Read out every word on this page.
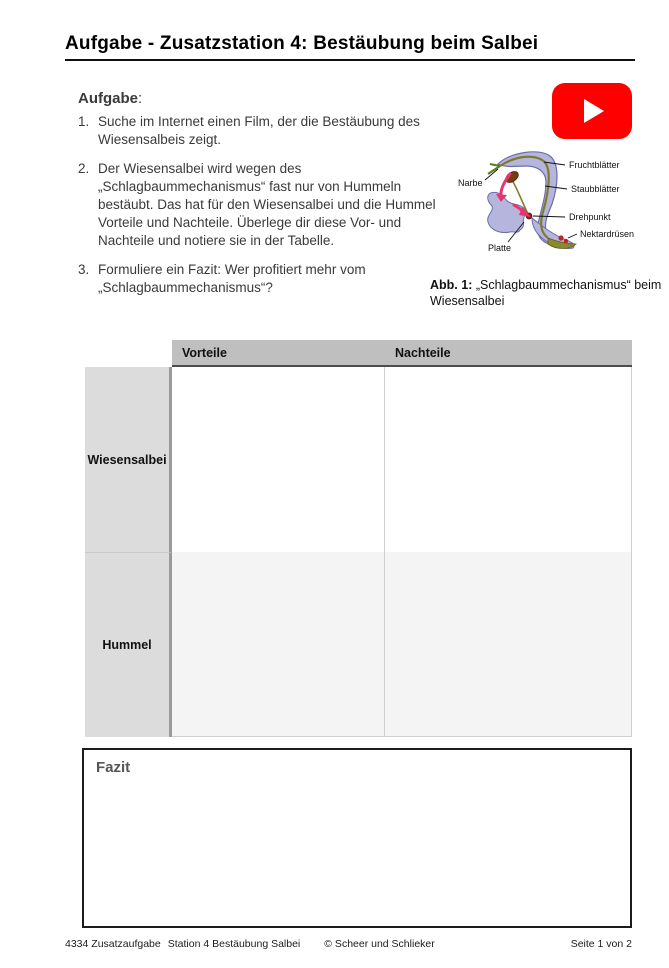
Aufgabe - Zusatzstation 4: Bestäubung beim Salbei
Aufgabe:
1. Suche im Internet einen Film, der die Bestäubung des Wiesensalbeis zeigt.
2. Der Wiesensalbei wird wegen des „Schlagbaummechanismus“ fast nur von Hummeln bestäubt. Das hat für den Wiesensalbei und die Hummel Vorteile und Nachteile. Überlege dir diese Vor- und Nachteile und notiere sie in der Tabelle.
3. Formuliere ein Fazit: Wer profitiert mehr vom „Schlagbaummechanismus“?
Narbe
Fruchtblätter
Staubblätter
Drehpunkt
Nektardrüsen
Platte
Abb. 1: „Schlagbaummechanismus“ beim Wiesensalbei
Vorteile	Nachteile
Wiesensalbei
Hummel
Fazit
4334 Zusatzaufgabe Station 4 Bestäubung Salbei © Scheer und Schlieker	Seite 1 von 2
